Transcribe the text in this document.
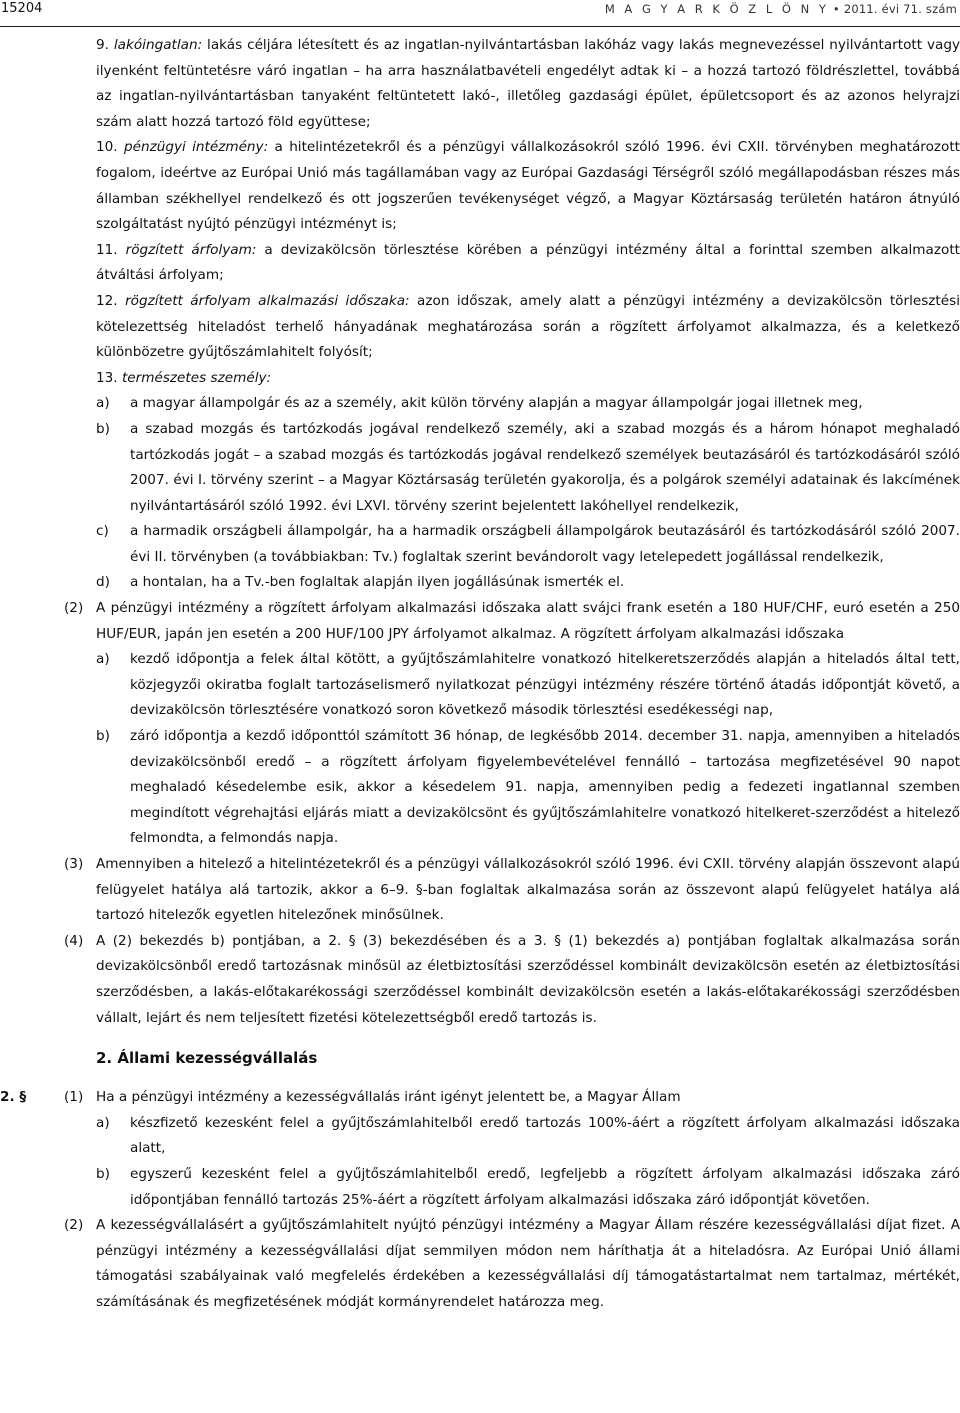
15204	M A G Y A R K Ö Z L Ö N Y • 2011. évi 71. szám

9. lakóingatlan: lakás céljára létesített és az ingatlan-nyilvántartásban lakóház vagy lakás megnevezéssel nyilvántartott vagy ilyenként feltüntetésre váró ingatlan – ha arra használatbavételi engedélyt adtak ki – a hozzá tartozó földrészlettel, továbbá az ingatlan-nyilvántartásban tanyaként feltüntetett lakó-, illetőleg gazdasági épület, épületcsoport és az azonos helyrajzi szám alatt hozzá tartozó föld együttese;

10. pénzügyi intézmény: a hitelintézetekről és a pénzügyi vállalkozásokról szóló 1996. évi CXII. törvényben meghatározott fogalom, ideértve az Európai Unió más tagállamában vagy az Európai Gazdasági Térségről szóló megállapodásban részes más államban székhellyel rendelkező és ott jogszerűen tevékenységet végző, a Magyar Köztársaság területén határon átnyúló szolgáltatást nyújtó pénzügyi intézményt is;

11. rögzített árfolyam: a devizakölcsön törlesztése körében a pénzügyi intézmény által a forinttal szemben alkalmazott átváltási árfolyam;

12. rögzített árfolyam alkalmazási időszaka: azon időszak, amely alatt a pénzügyi intézmény a devizakölcsön törlesztési kötelezettség hiteladóst terhelő hányadának meghatározása során a rögzített árfolyamot alkalmazza, és a keletkező különbözetre gyűjtőszámlahitelt folyósít;

13. természetes személy:

a) a magyar állampolgár és az a személy, akit külön törvény alapján a magyar állampolgár jogai illetnek meg,

b) a szabad mozgás és tartózkodás jogával rendelkező személy, aki a szabad mozgás és a három hónapot meghaladó tartózkodás jogát – a szabad mozgás és tartózkodás jogával rendelkező személyek beutazásáról és tartózkodásáról szóló 2007. évi I. törvény szerint – a Magyar Köztársaság területén gyakorolja, és a polgárok személyi adatainak és lakcímének nyilvántartásáról szóló 1992. évi LXVI. törvény szerint bejelentett lakóhellyel rendelkezik,

c) a harmadik országbeli állampolgár, ha a harmadik országbeli állampolgárok beutazásáról és tartózkodásáról szóló 2007. évi II. törvényben (a továbbiakban: Tv.) foglaltak szerint bevándorolt vagy letelepedett jogállással rendelkezik,

d) a hontalan, ha a Tv.-ben foglaltak alapján ilyen jogállásúnak ismerték el.

(2) A pénzügyi intézmény a rögzített árfolyam alkalmazási időszaka alatt svájci frank esetén a 180 HUF/CHF, euró esetén a 250 HUF/EUR, japán jen esetén a 200 HUF/100 JPY árfolyamot alkalmaz. A rögzített árfolyam alkalmazási időszaka

a) kezdő időpontja a felek által kötött, a gyűjtőszámlahitelre vonatkozó hitelkeretszerződés alapján a hiteladós által tett, közjegyzői okiratba foglalt tartozáselismerő nyilatkozat pénzügyi intézmény részére történő átadás időpontját követő, a devizakölcsön törlesztésére vonatkozó soron következő második törlesztési esedékességi nap,

b) záró időpontja a kezdő időponttól számított 36 hónap, de legkésőbb 2014. december 31. napja, amennyiben a hiteladós devizakölcsönből eredő – a rögzített árfolyam figyelembevételével fennálló – tartozása megfizetésével 90 napot meghaladó késedelembe esik, akkor a késedelem 91. napja, amennyiben pedig a fedezeti ingatlannal szemben megindított végrehajtási eljárás miatt a devizakölcsönt és gyűjtőszámlahitelre vonatkozó hitelkeret-szerződést a hitelező felmondta, a felmondás napja.

(3) Amennyiben a hitelező a hitelintézetekről és a pénzügyi vállalkozásokról szóló 1996. évi CXII. törvény alapján összevont alapú felügyelet hatálya alá tartozik, akkor a 6–9. §-ban foglaltak alkalmazása során az összevont alapú felügyelet hatálya alá tartozó hitelezők egyetlen hitelezőnek minősülnek.

(4) A (2) bekezdés b) pontjában, a 2. § (3) bekezdésében és a 3. § (1) bekezdés a) pontjában foglaltak alkalmazása során devizakölcsönből eredő tartozásnak minősül az életbiztosítási szerződéssel kombinált devizakölcsön esetén az életbiztosítási szerződésben, a lakás-előtakarékossági szerződéssel kombinált devizakölcsön esetén a lakás-előtakarékossági szerződésben vállalt, lejárt és nem teljesített fizetési kötelezettségből eredő tartozás is.

2. Állami kezességvállalás
2. §	(1) Ha a pénzügyi intézmény a kezességvállalás iránt igényt jelentett be, a Magyar Állam

a) készfizető kezesként felel a gyűjtőszámlahitelből eredő tartozás 100%-áért a rögzített árfolyam alkalmazási időszaka alatt,

b) egyszerű kezesként felel a gyűjtőszámlahitelből eredő, legfeljebb a rögzített árfolyam alkalmazási időszaka záró időpontjában fennálló tartozás 25%-áért a rögzített árfolyam alkalmazási időszaka záró időpontját követően.

(2) A kezességvállalásért a gyűjtőszámlahitelt nyújtó pénzügyi intézmény a Magyar Állam részére kezességvállalási díjat fizet. A pénzügyi intézmény a kezességvállalási díjat semmilyen módon nem háríthatja át a hiteladósra. Az Európai Unió állami támogatási szabályainak való megfelelés érdekében a kezességvállalási díj támogatástartalmat nem tartalmaz, mértékét, számításának és megfizetésének módját kormányrendelet határozza meg.
